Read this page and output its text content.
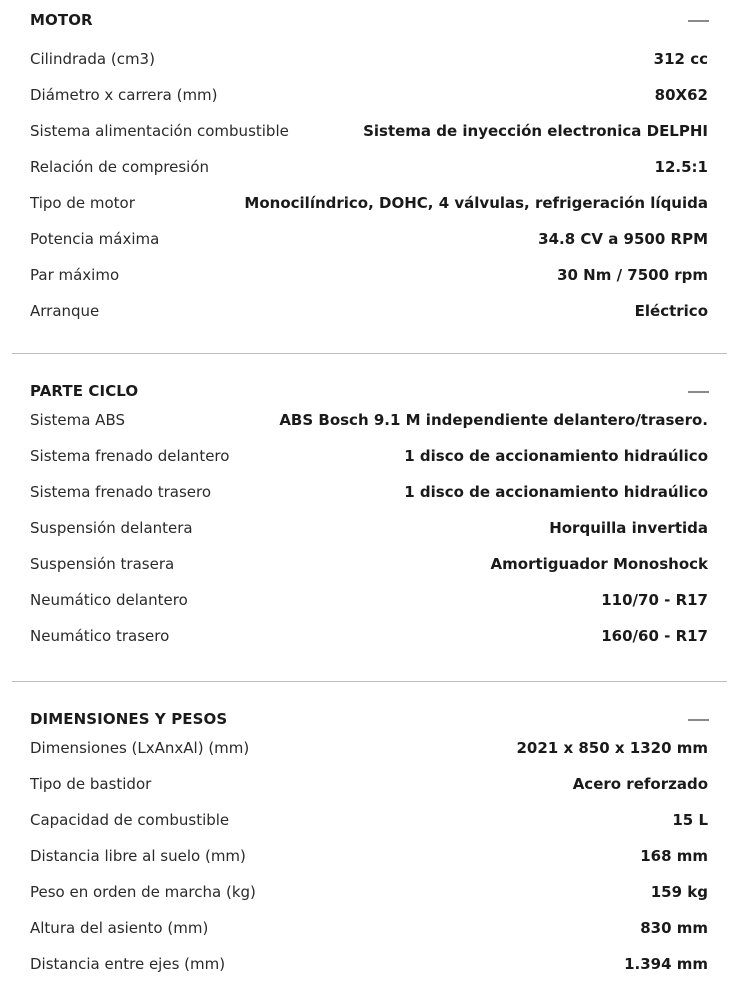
MOTOR
Cilindrada (cm3)	312 cc
Diámetro x carrera (mm)	80X62
Sistema alimentación combustible	Sistema de inyección electronica DELPHI
Relación de compresión	12.5:1
Tipo de motor	Monocilíndrico, DOHC, 4 válvulas, refrigeración líquida
Potencia máxima	34.8 CV a 9500 RPM
Par máximo	30 Nm / 7500 rpm
Arranque	Eléctrico
PARTE CICLO
Sistema ABS	ABS Bosch 9.1 M independiente delantero/trasero.
Sistema frenado delantero	1 disco de accionamiento hidraúlico
Sistema frenado trasero	1 disco de accionamiento hidraúlico
Suspensión delantera	Horquilla invertida
Suspensión trasera	Amortiguador Monoshock
Neumático delantero	110/70 - R17
Neumático trasero	160/60 - R17
DIMENSIONES Y PESOS
Dimensiones (LxAnxAl) (mm)	2021 x 850 x 1320 mm
Tipo de bastidor	Acero reforzado
Capacidad de combustible	15 L
Distancia libre al suelo (mm)	168 mm
Peso en orden de marcha (kg)	159 kg
Altura del asiento (mm)	830 mm
Distancia entre ejes (mm)	1.394 mm
